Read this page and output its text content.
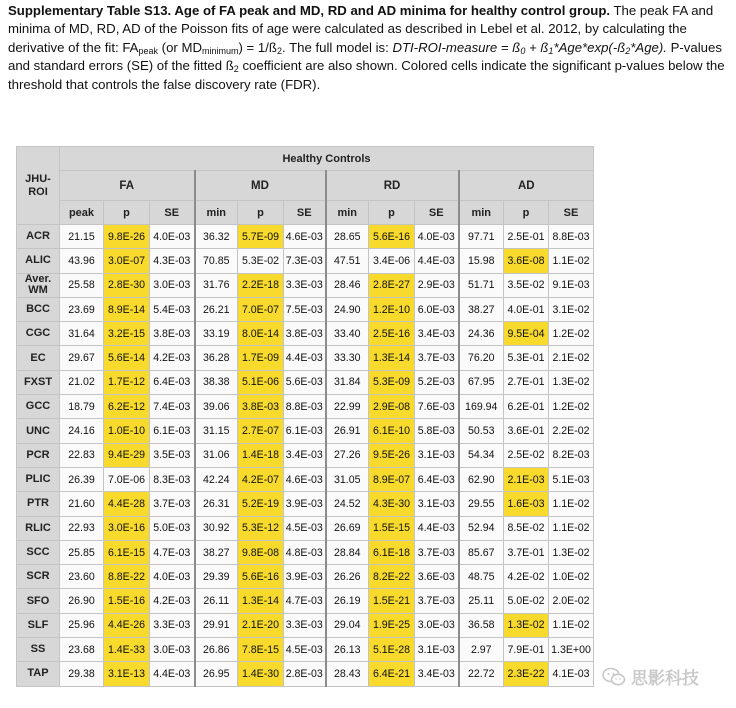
Supplementary Table S13. Age of FA peak and MD, RD and AD minima for healthy control group. The peak FA and minima of MD, RD, AD of the Poisson fits of age were calculated as described in Lebel et al. 2012, by calculating the derivative of the fit: $FA_{peak}$ (or $MD_{minimum}$) = $1/ß_2$. The full model is: DTI-ROI-measure = $ß_0$ + $ß_1*Age*\exp(-ß_2*Age)$. P-values and standard errors (SE) of the fitted $ß_2$ coefficient are also shown. Colored cells indicate the significant p-values below the threshold that controls the false discovery rate (FDR).

JHU-ROI	Healthy Controls											
	FA			MD			RD			AD		
	peak	p	SE	min	p	SE	min	p	SE	min	p	SE
ACR	21.15	9.8E-26	4.0E-03	36.32	5.7E-09	4.6E-03	28.65	5.6E-16	4.0E-03	97.71	2.5E-01	8.8E-03
ALIC	43.96	3.0E-07	4.3E-03	70.85	5.3E-02	7.3E-03	47.51	3.4E-06	4.4E-03	15.98	3.6E-08	1.1E-02
Aver.
WM	25.58	2.8E-30	3.0E-03	31.76	2.2E-18	3.3E-03	28.46	2.8E-27	2.9E-03	51.71	3.5E-02	9.1E-03
BCC	23.69	8.9E-14	5.4E-03	26.21	7.0E-07	7.5E-03	24.90	1.2E-10	6.0E-03	38.27	4.0E-01	3.1E-02
CGC	31.64	3.2E-15	3.8E-03	33.19	8.0E-14	3.8E-03	33.40	2.5E-16	3.4E-03	24.36	9.5E-04	1.2E-02
EC	29.67	5.6E-14	4.2E-03	36.28	1.7E-09	4.4E-03	33.30	1.3E-14	3.7E-03	76.20	5.3E-01	2.1E-02
FXST	21.02	1.7E-12	6.4E-03	38.38	5.1E-06	5.6E-03	31.84	5.3E-09	5.2E-03	67.95	2.7E-01	1.3E-02
GCC	18.79	6.2E-12	7.4E-03	39.06	3.8E-03	8.8E-03	22.99	2.9E-08	7.6E-03	169.94	6.2E-01	1.2E-02
UNC	24.16	1.0E-10	6.1E-03	31.15	2.7E-07	6.1E-03	26.91	6.1E-10	5.8E-03	50.53	3.6E-01	2.2E-02
PCR	22.83	9.4E-29	3.5E-03	31.06	1.4E-18	3.4E-03	27.26	9.5E-26	3.1E-03	54.34	2.5E-02	8.2E-03
PLIC	26.39	7.0E-06	8.3E-03	42.24	4.2E-07	4.6E-03	31.05	8.9E-07	6.4E-03	62.90	2.1E-03	5.1E-03
PTR	21.60	4.4E-28	3.7E-03	26.31	5.2E-19	3.9E-03	24.52	4.3E-30	3.1E-03	29.55	1.6E-03	1.1E-02
RLIC	22.93	3.0E-16	5.0E-03	30.92	5.3E-12	4.5E-03	26.69	1.5E-15	4.4E-03	52.94	8.5E-02	1.1E-02
SCC	25.85	6.1E-15	4.7E-03	38.27	9.8E-08	4.8E-03	28.84	6.1E-18	3.7E-03	85.67	3.7E-01	1.3E-02
SCR	23.60	8.8E-22	4.0E-03	29.39	5.6E-16	3.9E-03	26.26	8.2E-22	3.6E-03	48.75	4.2E-02	1.0E-02
SFO	26.90	1.5E-16	4.2E-03	26.11	1.3E-14	4.7E-03	26.19	1.5E-21	3.7E-03	25.11	5.0E-02	2.0E-02
SLF	25.96	4.4E-26	3.3E-03	29.91	2.1E-20	3.3E-03	29.04	1.9E-25	3.0E-03	36.58	1.3E-02	1.1E-02
SS	23.68	1.4E-33	3.0E-03	26.86	7.8E-15	4.5E-03	26.13	5.1E-28	3.1E-03	2.97	7.9E-01	1.3E+00
TAP	29.38	3.1E-13	4.4E-03	26.95	1.4E-30	2.8E-03	28.43	6.4E-21	3.4E-03	22.72	2.3E-22	4.1E-03 思影科技
